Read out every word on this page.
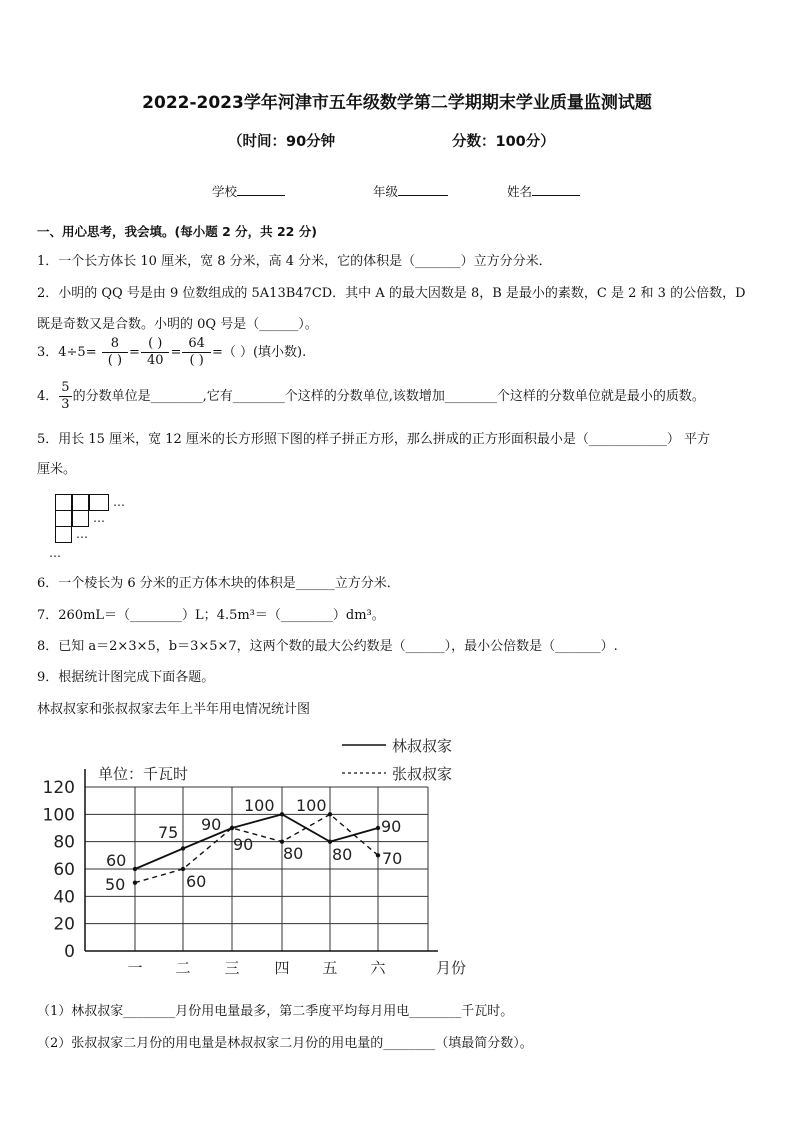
2022-2023学年河津市五年级数学第二学期期末学业质量监测试题
（时间：90分钟	分数：100分）
学校	年级	姓名
一、用心思考，我会填。(每小题 2 分，共 22 分)
1．一个长方体长 10 厘米，宽 8 分米，高 4 分米，它的体积是（_______）立方分分米．
2．小明的 QQ 号是由 9 位数组成的 5A13B47CD．其中 A 的最大因数是 8，B 是最小的素数，C 是 2 和 3 的公倍数，D
既是奇数又是合数。小明的 0Q 号是（______）。
3．$4\div 5= \frac{8}{( )} = \frac{( )}{40} = \frac{64}{( )}$ =（ ）(填小数).
4． $\frac{5}{3}$ 的分数单位是________,它有________个这样的分数单位,该数增加________个这样的分数单位就是最小的质数。
5．用长 15 厘米，宽 12 厘米的长方形照下图的样子拼正方形，那么拼成的正方形面积最小是（____________） 平方
厘米。
…
…
…
…
6．一个棱长为 6 分米的正方体木块的体积是______立方分米．
7．260mL＝（________）L；4.5m³＝（________）dm³。
8．已知 a＝2×3×5，b＝3×5×7，这两个数的最大公约数是（______），最小公倍数是（_______）.
9．根据统计图完成下面各题。
林叔叔家和张叔叔家去年上半年用电情况统计图
0
20
40
60
80
100
120
单位：千瓦时
一 二 三 四 五 六	月份
60
75 90
100
80
90
50	60
90 80
100
70
林叔叔家
张叔叔家
（1）林叔叔家________月份用电量最多，第二季度平均每月用电________千瓦时。
（2）张叔叔家二月份的用电量是林叔叔家二月份的用电量的________（填最简分数）。
